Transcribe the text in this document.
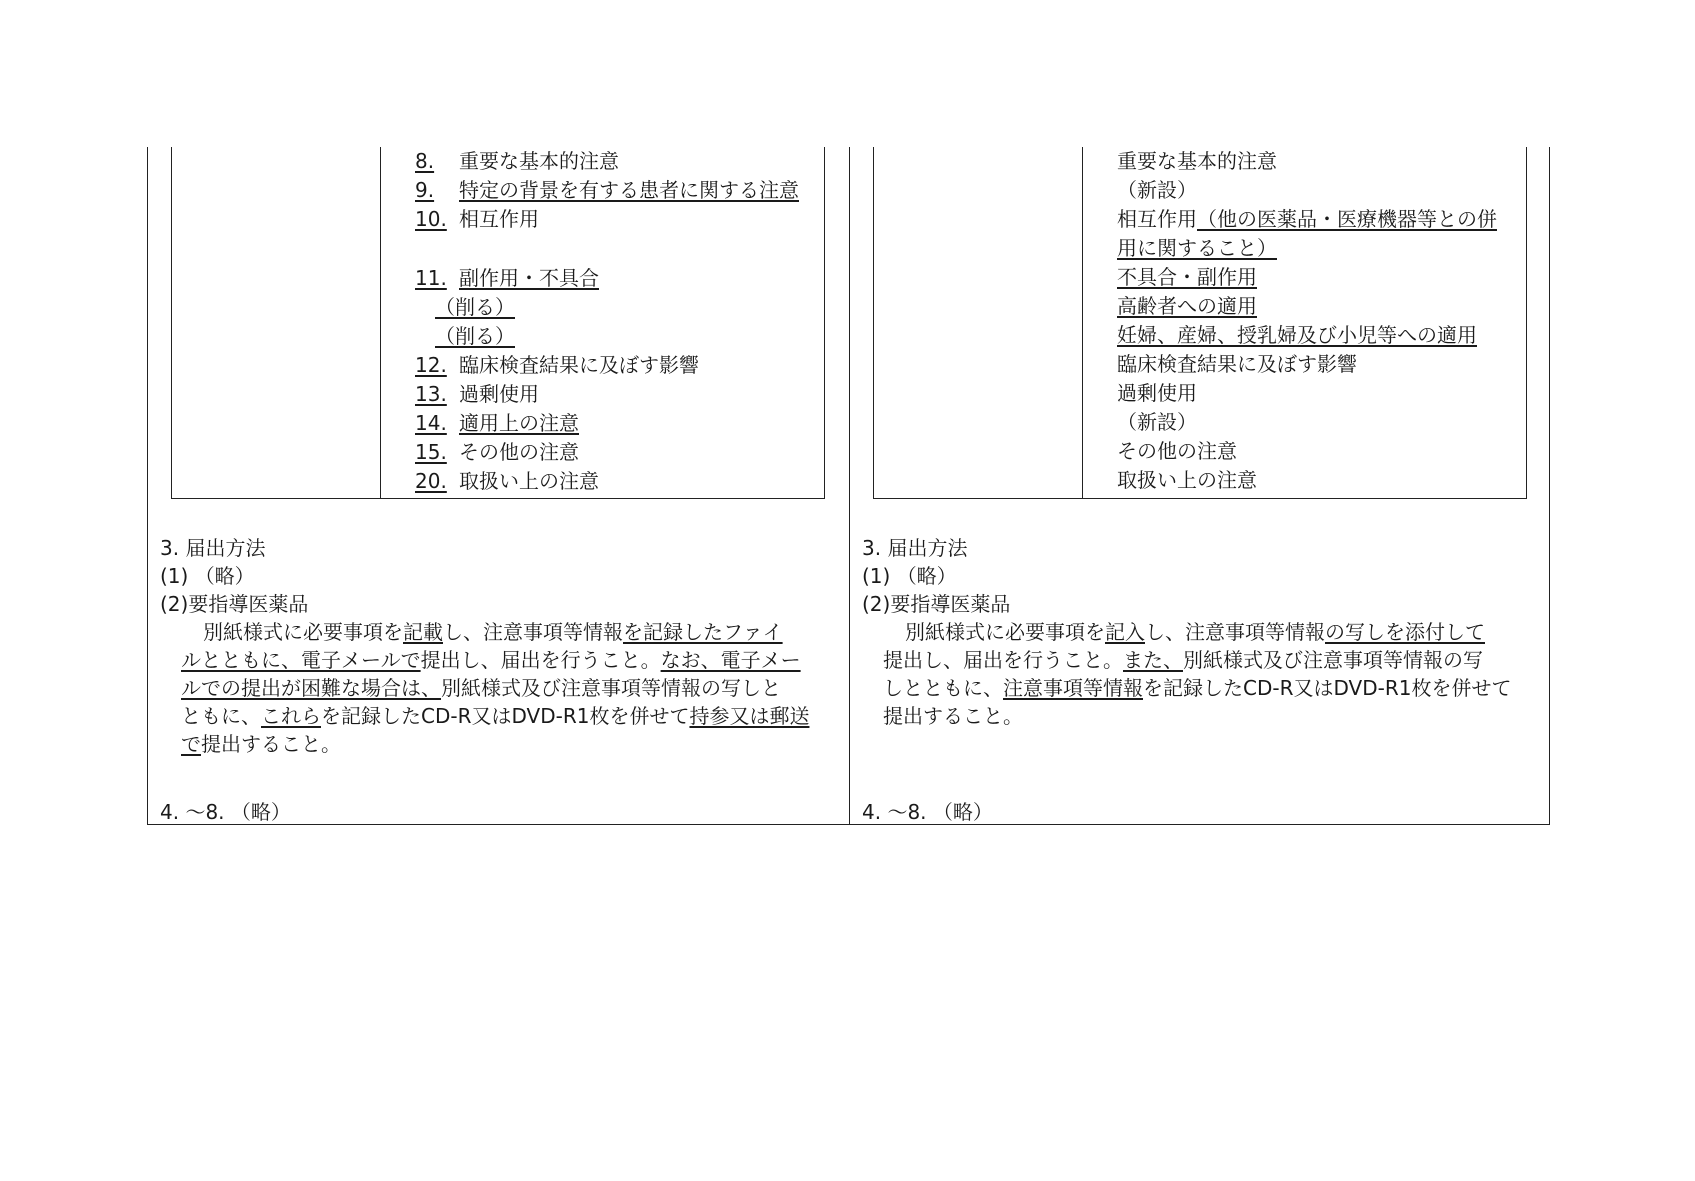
8. 重要な基本的注意
9. 特定の背景を有する患者に関する注意
10. 相互作用
11. 副作用・不具合
（削る）
（削る）
12. 臨床検査結果に及ぼす影響
13. 過剰使用
14. 適用上の注意
15. その他の注意
20. 取扱い上の注意
重要な基本的注意
（新設）
相互作用（他の医薬品・医療機器等との併
用に関すること）
不具合・副作用
高齢者への適用
妊婦、産婦、授乳婦及び小児等への適用
臨床検査結果に及ぼす影響
過剰使用
（新設）
その他の注意
取扱い上の注意
3. 届出方法
(1) （略）
(2)要指導医薬品
別紙様式に必要事項を記載し、注意事項等情報を記録したファイ
ルとともに、電子メールで提出し、届出を行うこと。なお、電子メー
ルでの提出が困難な場合は、別紙様式及び注意事項等情報の写しと
ともに、これらを記録したCD-R又はDVD-R1枚を併せて持参又は郵送
で提出すること。
4. ～8. （略）
3. 届出方法
(1) （略）
(2)要指導医薬品
別紙様式に必要事項を記入し、注意事項等情報の写しを添付して
提出し、届出を行うこと。また、別紙様式及び注意事項等情報の写
しとともに、注意事項等情報を記録したCD-R又はDVD-R1枚を併せて
提出すること。
4. ～8. （略）
